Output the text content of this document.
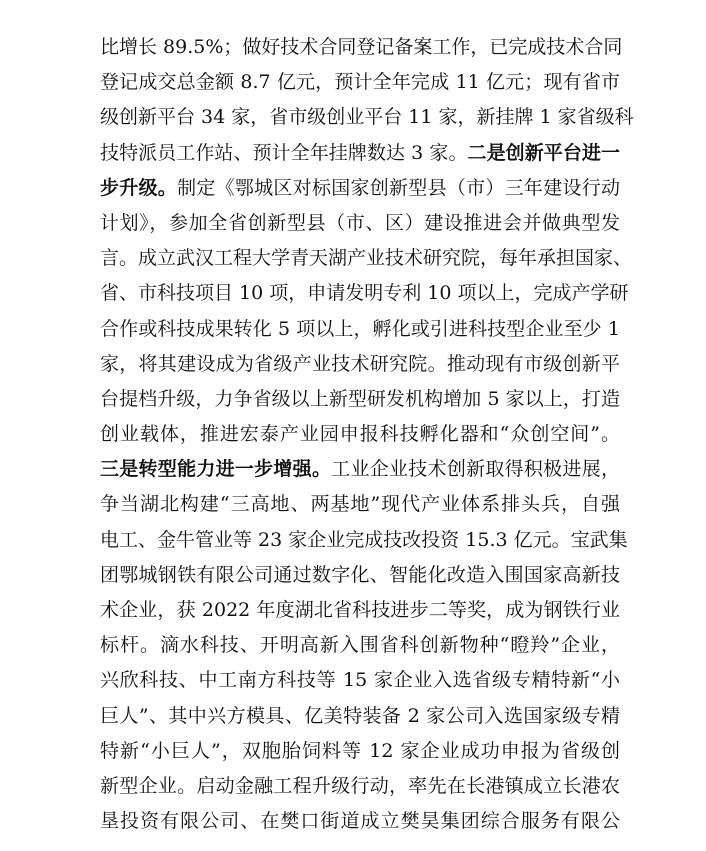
比增长 89.5%；做好技术合同登记备案工作，已完成技术合同
登记成交总金额 8.7 亿元，预计全年完成 11 亿元；现有省市
级创新平台 34 家，省市级创业平台 11 家，新挂牌 1 家省级科
技特派员工作站、预计全年挂牌数达 3 家。二是创新平台进一
步升级。制定《鄂城区对标国家创新型县（市）三年建设行动
计划》，参加全省创新型县（市、区）建设推进会并做典型发
言。成立武汉工程大学青天湖产业技术研究院，每年承担国家、
省、市科技项目 10 项，申请发明专利 10 项以上，完成产学研
合作或科技成果转化 5 项以上，孵化或引进科技型企业至少 1
家，将其建设成为省级产业技术研究院。推动现有市级创新平
台提档升级，力争省级以上新型研发机构增加 5 家以上，打造
创业载体，推进宏泰产业园申报科技孵化器和“众创空间”。
三是转型能力进一步增强。工业企业技术创新取得积极进展，
争当湖北构建“三高地、两基地”现代产业体系排头兵，自强
电工、金牛管业等 23 家企业完成技改投资 15.3 亿元。宝武集
团鄂城钢铁有限公司通过数字化、智能化改造入围国家高新技
术企业，获 2022 年度湖北省科技进步二等奖，成为钢铁行业
标杆。滴水科技、开明高新入围省科创新物种“瞪羚”企业，
兴欣科技、中工南方科技等 15 家企业入选省级专精特新“小
巨人”、其中兴方模具、亿美特装备 2 家公司入选国家级专精
特新“小巨人”，双胞胎饲料等 12 家企业成功申报为省级创
新型企业。启动金融工程升级行动，率先在长港镇成立长港农
垦投资有限公司、在樊口街道成立樊昊集团综合服务有限公
